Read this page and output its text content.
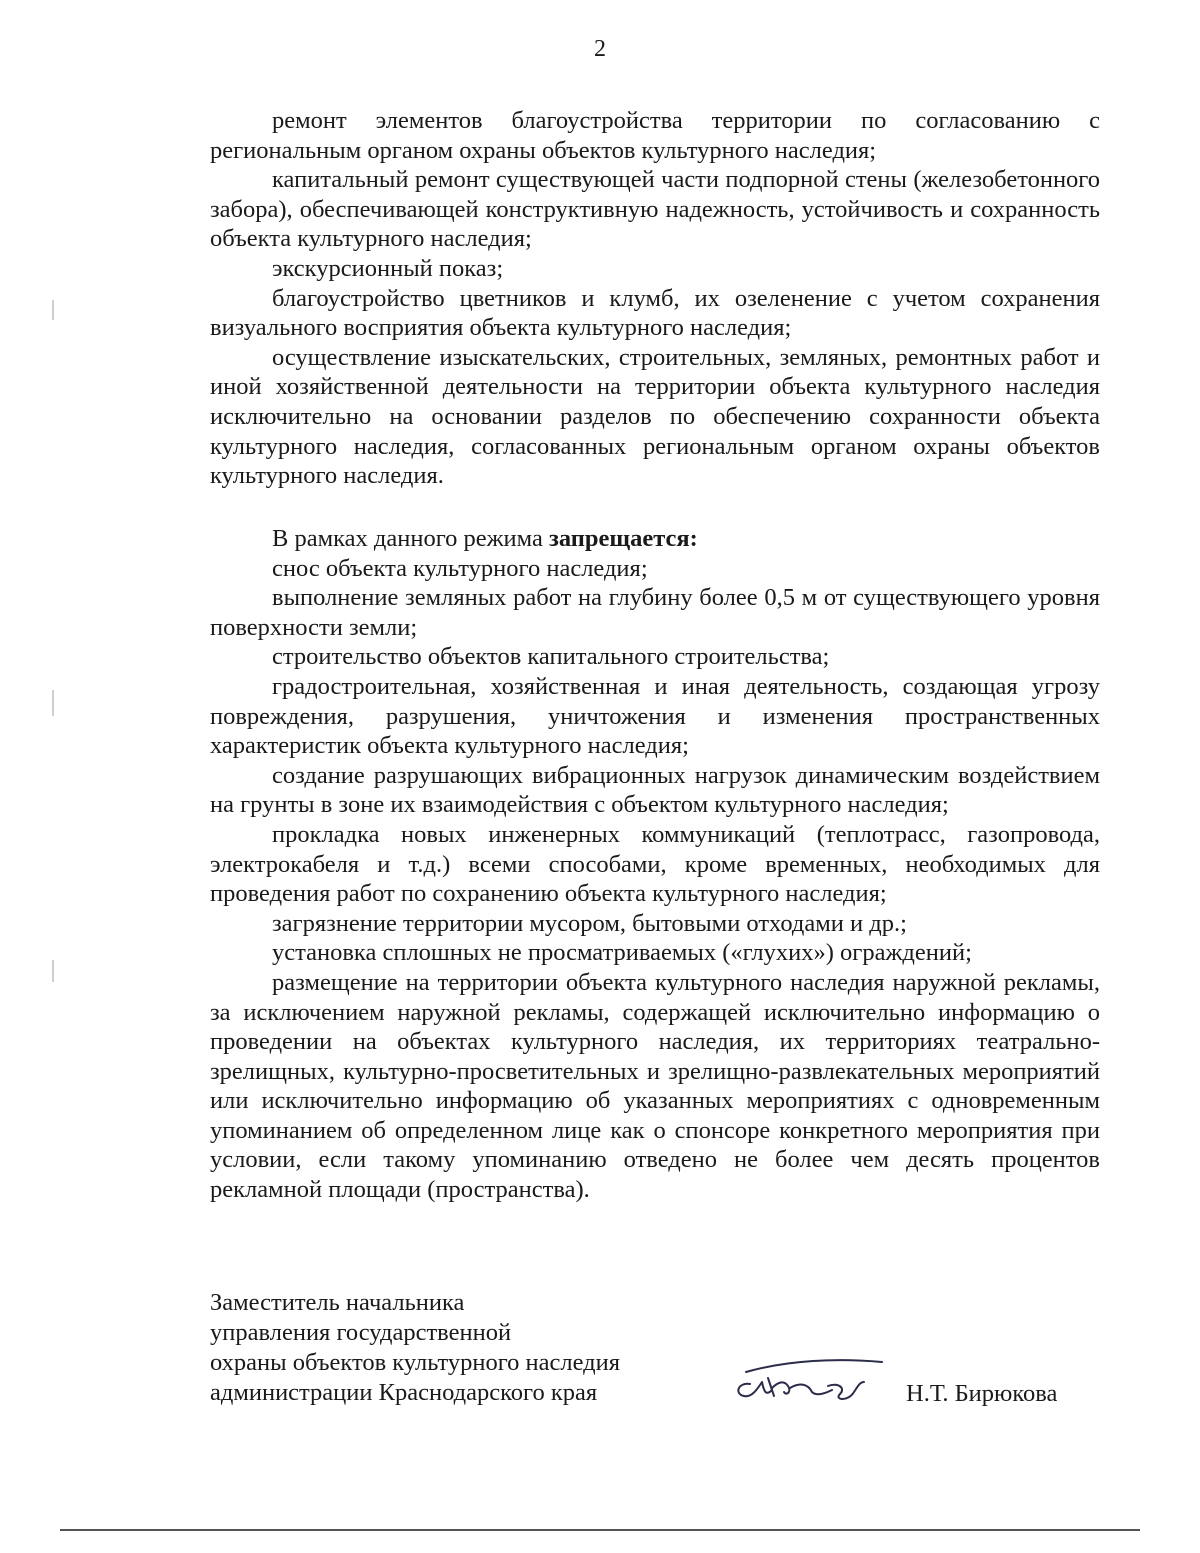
2

ремонт элементов благоустройства территории по согласованию с региональным органом охраны объектов культурного наследия;

капитальный ремонт существующей части подпорной стены (железобетонного забора), обеспечивающей конструктивную надежность, устойчивость и сохранность объекта культурного наследия;

экскурсионный показ;

благоустройство цветников и клумб, их озеленение с учетом сохранения визуального восприятия объекта культурного наследия;

осуществление изыскательских, строительных, земляных, ремонтных работ и иной хозяйственной деятельности на территории объекта культурного наследия исключительно на основании разделов по обеспечению сохранности объекта культурного наследия, согласованных региональным органом охраны объектов культурного наследия.

В рамках данного режима запрещается:

снос объекта культурного наследия;

выполнение земляных работ на глубину более 0,5 м от существующего уровня поверхности земли;

строительство объектов капитального строительства;

градостроительная, хозяйственная и иная деятельность, создающая угрозу повреждения, разрушения, уничтожения и изменения пространственных характеристик объекта культурного наследия;

создание разрушающих вибрационных нагрузок динамическим воздействием на грунты в зоне их взаимодействия с объектом культурного наследия;

прокладка новых инженерных коммуникаций (теплотрасс, газопровода, электрокабеля и т.д.) всеми способами, кроме временных, необходимых для проведения работ по сохранению объекта культурного наследия;

загрязнение территории мусором, бытовыми отходами и др.;

установка сплошных не просматриваемых («глухих») ограждений;

размещение на территории объекта культурного наследия наружной рекламы, за исключением наружной рекламы, содержащей исключительно информацию о проведении на объектах культурного наследия, их территориях театрально-зрелищных, культурно-просветительных и зрелищно-развлекательных мероприятий или исключительно информацию об указанных мероприятиях с одновременным упоминанием об определенном лице как о спонсоре конкретного мероприятия при условии, если такому упоминанию отведено не более чем десять процентов рекламной площади (пространства).

Заместитель начальника
управления государственной
охраны объектов культурного наследия
администрации Краснодарского края	Н.Т. Бирюкова
